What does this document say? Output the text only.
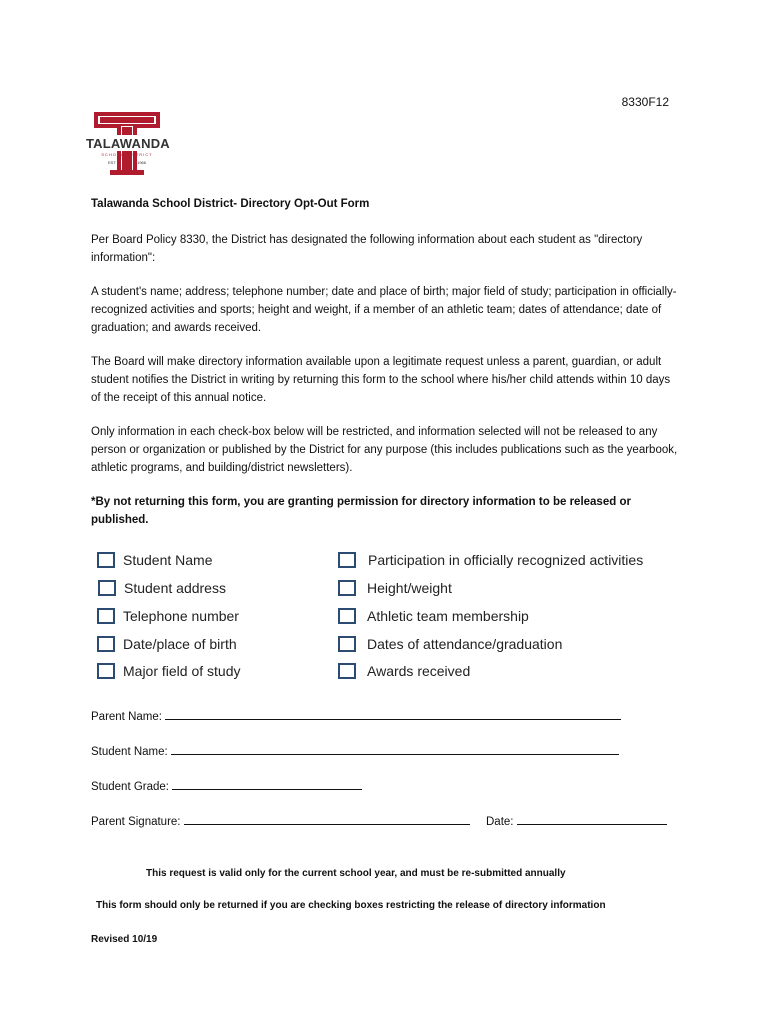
8330F12
TALAWANDA
SCHOOL DISTRICT
EST	1966
Talawanda School District- Directory Opt-Out Form
Per Board Policy 8330, the District has designated the following information about each student as "directory information":
A student's name; address; telephone number; date and place of birth; major field of study; participation in officially-recognized activities and sports; height and weight, if a member of an athletic team; dates of attendance; date of graduation; and awards received.
The Board will make directory information available upon a legitimate request unless a parent, guardian, or adult student notifies the District in writing by returning this form to the school where his/her child attends within 10 days of the receipt of this annual notice.
Only information in each check-box below will be restricted, and information selected will not be released to any person or organization or published by the District for any purpose (this includes publications such as the yearbook, athletic programs, and building/district newsletters).
*By not returning this form, you are granting permission for directory information to be released or published.
Student Name
Student address
Telephone number
Date/place of birth
Major field of study
Participation in officially recognized activities
Height/weight
Athletic team membership
Dates of attendance/graduation
Awards received
Parent Name:
Student Name:
Student Grade:
Parent Signature:	Date:
This request is valid only for the current school year, and must be re-submitted annually
This form should only be returned if you are checking boxes restricting the release of directory information
Revised 10/19
